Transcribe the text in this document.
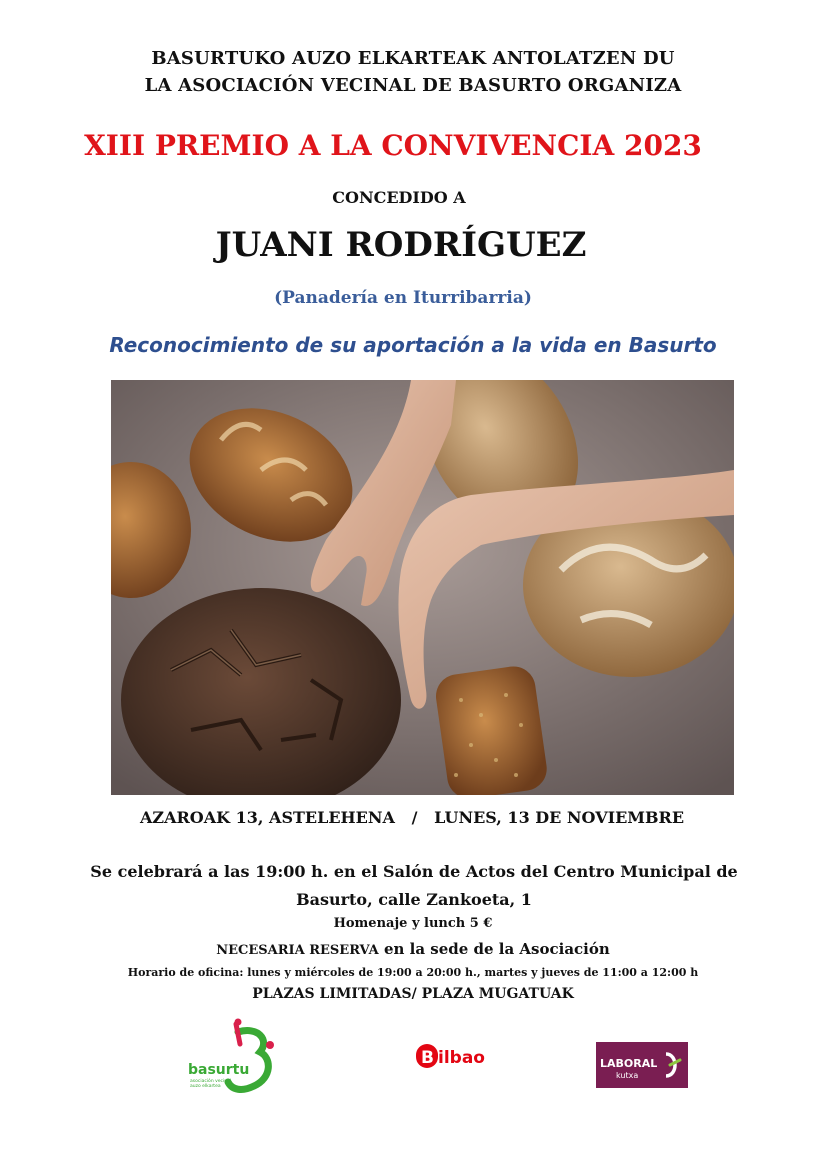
BASURTUKO AUZO ELKARTEAK ANTOLATZEN DU
LA ASOCIACIÓN VECINAL DE BASURTO ORGANIZA
XIII PREMIO A LA CONVIVENCIA 2023
CONCEDIDO A
JUANI RODRÍGUEZ
(Panadería en Iturribarria)
Reconocimiento de su aportación a la vida en Basurto
AZAROAK 13, ASTELEHENA   /   LUNES, 13 DE NOVIEMBRE
Se celebrará a las 19:00 h. en el Salón de Actos del Centro Municipal de
Basurto, calle Zankoeta, 1
Homenaje y lunch 5 €
NECESARIA RESERVA en la sede de la Asociación
Horario de oficina: lunes y miércoles de 19:00 a 20:00 h., martes y jueves de 11:00 a 12:00 h
PLAZAS LIMITADAS/ PLAZA MUGATUAK
basurtu
asociación vecinal
auzo elkartea
B ilbao	LABORAL
kutxa
